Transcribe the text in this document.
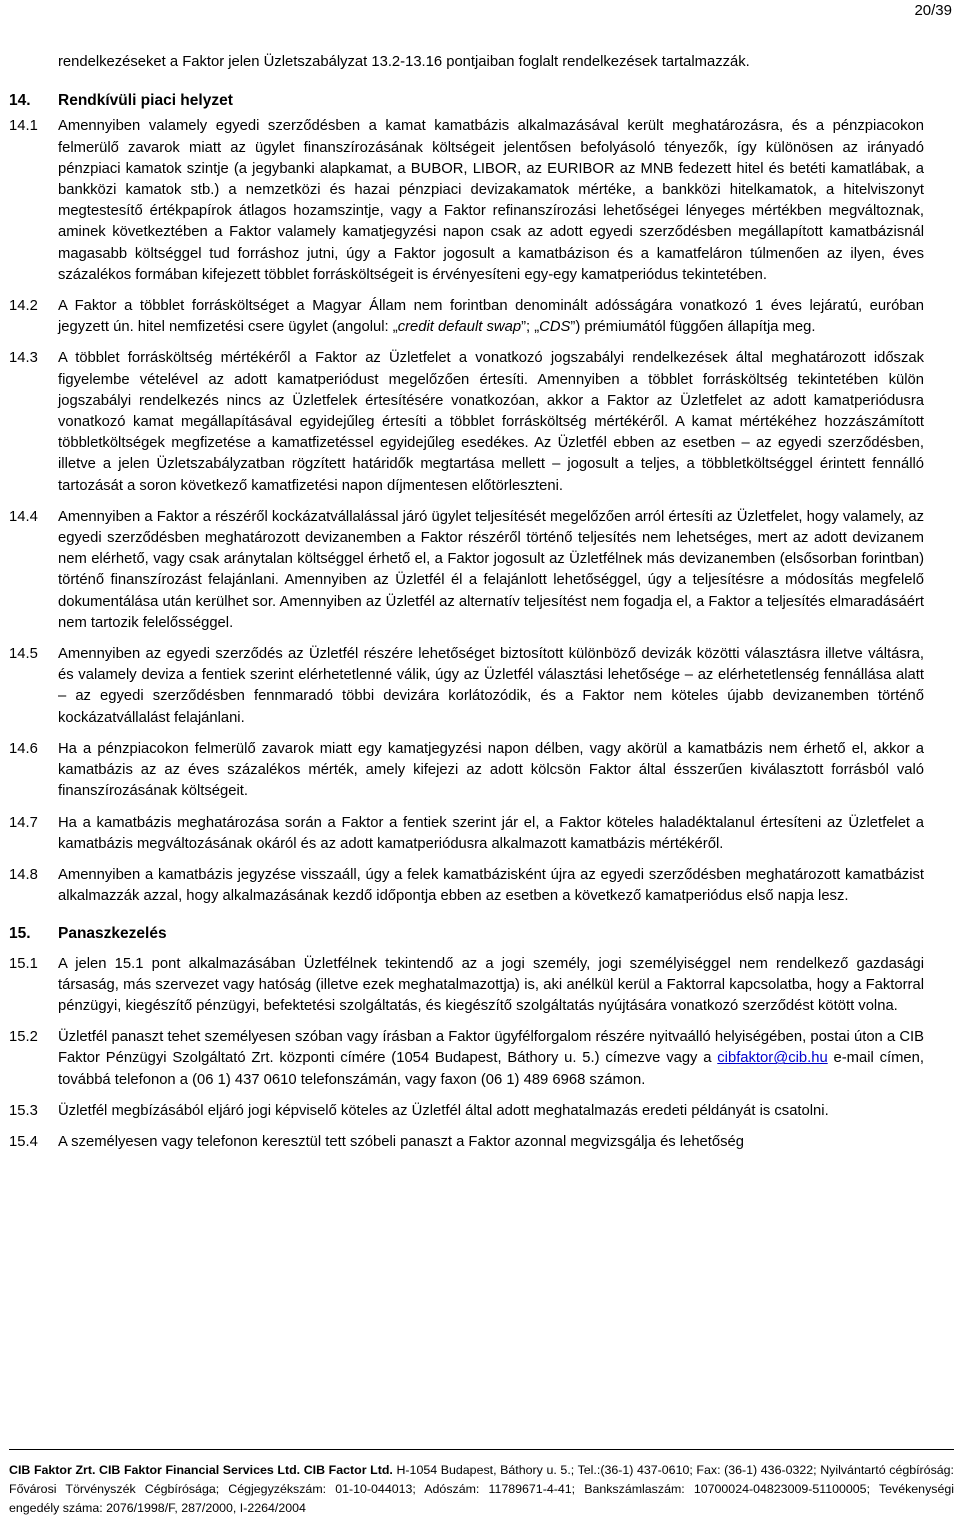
20/39
rendelkezéseket a Faktor jelen Üzletszabályzat 13.2-13.16 pontjaiban foglalt rendelkezések tartalmazzák.
14.	Rendkívüli piaci helyzet
14.1	Amennyiben valamely egyedi szerződésben a kamat kamatbázis alkalmazásával került meghatározásra, és a pénzpiacokon felmerülő zavarok miatt az ügylet finanszírozásának költségeit jelentősen befolyásoló tényezők, így különösen az irányadó pénzpiaci kamatok szintje (a jegybanki alapkamat, a BUBOR, LIBOR, az EURIBOR az MNB fedezett hitel és betéti kamatlábak, a bankközi kamatok stb.) a nemzetközi és hazai pénzpiaci devizakamatok mértéke, a bankközi hitelkamatok, a hitelviszonyt megtestesítő értékpapírok átlagos hozamszintje, vagy a Faktor refinanszírozási lehetőségei lényeges mértékben megváltoznak, aminek következtében a Faktor valamely kamatjegyzési napon csak az adott egyedi szerződésben megállapított kamatbázisnál magasabb költséggel tud forráshoz jutni, úgy a Faktor jogosult a kamatbázison és a kamatfeláron túlmenően az ilyen, éves százalékos formában kifejezett többlet forrásköltségeit is érvényesíteni egy-egy kamatperiódus tekintetében.
14.2	A Faktor a többlet forrásköltséget a Magyar Állam nem forintban denominált adósságára vonatkozó 1 éves lejáratú, euróban jegyzett ún. hitel nemfizetési csere ügylet (angolul: „credit default swap”; „CDS”) prémiumától függően állapítja meg.
14.3	A többlet forrásköltség mértékéről a Faktor az Üzletfelet a vonatkozó jogszabályi rendelkezések által meghatározott időszak figyelembe vételével az adott kamatperiódust megelőzően értesíti. Amennyiben a többlet forrásköltség tekintetében külön jogszabályi rendelkezés nincs az Üzletfelek értesítésére vonatkozóan, akkor a Faktor az Üzletfelet az adott kamatperiódusra vonatkozó kamat megállapításával egyidejűleg értesíti a többlet forrásköltség mértékéről. A kamat mértékéhez hozzászámított többletköltségek megfizetése a kamatfizetéssel egyidejűleg esedékes. Az Üzletfél ebben az esetben – az egyedi szerződésben, illetve a jelen Üzletszabályzatban rögzített határidők megtartása mellett – jogosult a teljes, a többletköltséggel érintett fennálló tartozását a soron következő kamatfizetési napon díjmentesen előtörleszteni.
14.4	Amennyiben a Faktor a részéről kockázatvállalással járó ügylet teljesítését megelőzően arról értesíti az Üzletfelet, hogy valamely, az egyedi szerződésben meghatározott devizanemben a Faktor részéről történő teljesítés nem lehetséges, mert az adott devizanem nem elérhető, vagy csak aránytalan költséggel érhető el, a Faktor jogosult az Üzletfélnek más devizanemben (elsősorban forintban) történő finanszírozást felajánlani. Amennyiben az Üzletfél él a felajánlott lehetőséggel, úgy a teljesítésre a módosítás megfelelő dokumentálása után kerülhet sor. Amennyiben az Üzletfél az alternatív teljesítést nem fogadja el, a Faktor a teljesítés elmaradásáért nem tartozik felelősséggel.
14.5	Amennyiben az egyedi szerződés az Üzletfél részére lehetőséget biztosított különböző devizák közötti választásra illetve váltásra, és valamely deviza a fentiek szerint elérhetetlenné válik, úgy az Üzletfél választási lehetősége – az elérhetetlenség fennállása alatt – az egyedi szerződésben fennmaradó többi devizára korlátozódik, és a Faktor nem köteles újabb devizanemben történő kockázatvállalást felajánlani.
14.6	Ha a pénzpiacokon felmerülő zavarok miatt egy kamatjegyzési napon délben, vagy akörül a kamatbázis nem érhető el, akkor a kamatbázis az az éves százalékos mérték, amely kifejezi az adott kölcsön Faktor által ésszerűen kiválasztott forrásból való finanszírozásának költségeit.
14.7	Ha a kamatbázis meghatározása során a Faktor a fentiek szerint jár el, a Faktor köteles haladéktalanul értesíteni az Üzletfelet a kamatbázis megváltozásának okáról és az adott kamatperiódusra alkalmazott kamatbázis mértékéről.
14.8	Amennyiben a kamatbázis jegyzése visszaáll, úgy a felek kamatbázisként újra az egyedi szerződésben meghatározott kamatbázist alkalmazzák azzal, hogy alkalmazásának kezdő időpontja ebben az esetben a következő kamatperiódus első napja lesz.
15.	Panaszkezelés
15.1	A jelen 15.1 pont alkalmazásában Üzletfélnek tekintendő az a jogi személy, jogi személyiséggel nem rendelkező gazdasági társaság, más szervezet vagy hatóság (illetve ezek meghatalmazottja) is, aki anélkül kerül a Faktorral kapcsolatba, hogy a Faktorral pénzügyi, kiegészítő pénzügyi, befektetési szolgáltatás, és kiegészítő szolgáltatás nyújtására vonatkozó szerződést kötött volna.
15.2	Üzletfél panaszt tehet személyesen szóban vagy írásban a Faktor ügyfélforgalom részére nyitvaálló helyiségében, postai úton a CIB Faktor Pénzügyi Szolgáltató Zrt. központi címére (1054 Budapest, Báthory u. 5.) címezve vagy a cibfaktor@cib.hu e-mail címen, továbbá telefonon a (06 1) 437 0610 telefonszámán, vagy faxon (06 1) 489 6968 számon.
15.3	Üzletfél megbízásából eljáró jogi képviselő köteles az Üzletfél által adott meghatalmazás eredeti példányát is csatolni.
15.4	A személyesen vagy telefonon keresztül tett szóbeli panaszt a Faktor azonnal megvizsgálja és lehetőség
CIB Faktor Zrt. CIB Faktor Financial Services Ltd. CIB Factor Ltd. H-1054 Budapest, Báthory u. 5.; Tel.:(36-1) 437-0610; Fax: (36-1) 436-0322; Nyilvántartó cégbíróság: Fővárosi Törvényszék Cégbírósága; Cégjegyzékszám: 01-10-044013; Adószám: 11789671-4-41; Bankszámlaszám: 10700024-04823009-51100005; Tevékenységi engedély száma: 2076/1998/F, 287/2000, I-2264/2004
